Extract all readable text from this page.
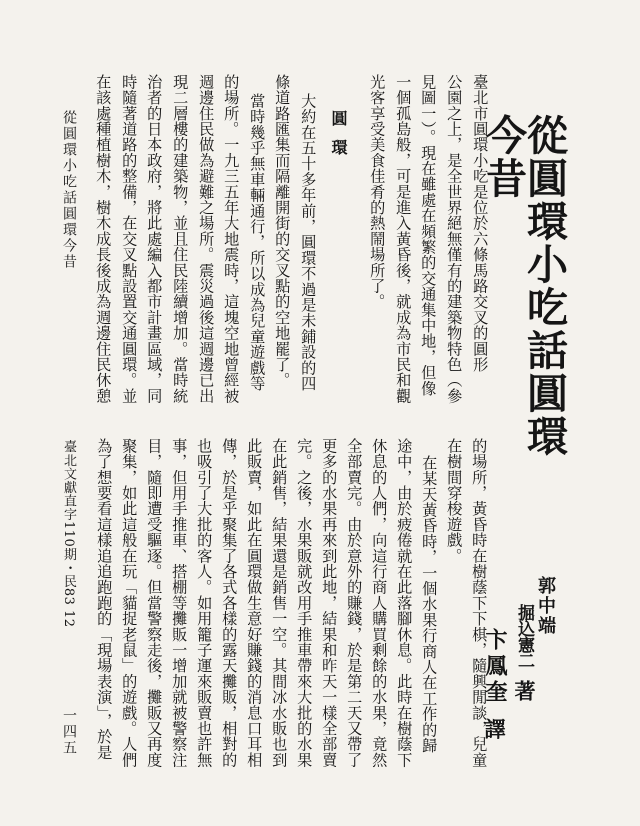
從圓環小吃話圓環今昔
郭中端
掘込憲二
著
卞鳳奎
譯
臺北市圓環小吃是位於六條馬路交叉的圓形
公園之上，是全世界絕無僅有的建築物特色（參
見圖一）。現在雖處在頻繁的交通集中地，但像
一個孤島般，可是進入黃昏後，就成為市民和觀
光客享受美食佳肴的熱鬧場所了。
圓環
大約在五十多年前，圓環不過是未鋪設的四
條道路匯集而隔離開街的交叉點的空地罷了。
當時幾乎無車輛通行，所以成為兒童遊戲等
的場所。一九三五年大地震時，這塊空地曾經被
週邊住民做為避難之場所。震災過後這週邊已出
現二層樓的建築物，並且住民陸續增加。當時統
治者的日本政府，將此處編入都市計畫區域，同
時隨著道路的整備，在交叉點設置交通圓環。並
在該處種植樹木，樹木成長後成為週邊住民休憩
的場所，黃昏時在樹蔭下下棋，隨興閒談，兒童
在樹間穿梭遊戲。
在某天黃昏時，一個水果行商人在工作的歸
途中，由於疲倦就在此落腳休息。此時在樹蔭下
休息的人們，向這行商人購買剩餘的水果，竟然
全部賣完。由於意外的賺錢，於是第二天又帶了
更多的水果再來到此地，結果和昨天一樣全部賣
完。之後，水果販就改用手推車帶來大批的水果
在此銷售，結果還是銷售一空。其間冰水販也到
此販賣，如此在圓環做生意好賺錢的消息口耳相
傳，於是乎聚集了各式各樣的露天攤販，相對的
也吸引了大批的客人。如用籠子運來販賣也許無
事，但用手推車、搭棚等攤販一增加就被警察注
目，隨即遭受驅逐。但當警察走後，攤販又再度
聚集，如此這般在玩「貓捉老鼠」的遊戲。人們
為了想要看這樣追追跑跑的「現場表演」，於是
從圓環小吃話圓環今昔
臺北文獻直字110期・民83 12
一四五
